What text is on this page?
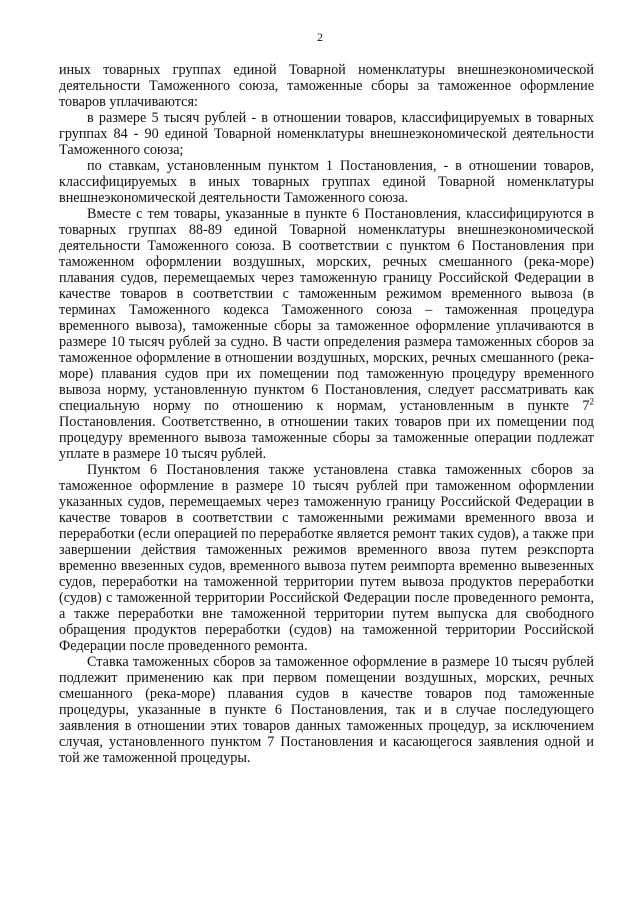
2

иных товарных группах единой Товарной номенклатуры внешнеэкономической деятельности Таможенного союза, таможенные сборы за таможенное оформление товаров уплачиваются:

в размере 5 тысяч рублей - в отношении товаров, классифицируемых в товарных группах 84 - 90 единой Товарной номенклатуры внешнеэкономической деятельности Таможенного союза;

по ставкам, установленным пунктом 1 Постановления, - в отношении товаров, классифицируемых в иных товарных группах единой Товарной номенклатуры внешнеэкономической деятельности Таможенного союза.

Вместе с тем товары, указанные в пункте 6 Постановления, классифицируются в товарных группах 88-89 единой Товарной номенклатуры внешнеэкономической деятельности Таможенного союза. В соответствии с пунктом 6 Постановления при таможенном оформлении воздушных, морских, речных смешанного (река-море) плавания судов, перемещаемых через таможенную границу Российской Федерации в качестве товаров в соответствии с таможенным режимом временного вывоза (в терминах Таможенного кодекса Таможенного союза – таможенная процедура временного вывоза), таможенные сборы за таможенное оформление уплачиваются в размере 10 тысяч рублей за судно. В части определения размера таможенных сборов за таможенное оформление в отношении воздушных, морских, речных смешанного (река-море) плавания судов при их помещении под таможенную процедуру временного вывоза норму, установленную пунктом 6 Постановления, следует рассматривать как специальную норму по отношению к нормам, установленным в пункте $7^2$ Постановления. Соответственно, в отношении таких товаров при их помещении под процедуру временного вывоза таможенные сборы за таможенные операции подлежат уплате в размере 10 тысяч рублей.

Пунктом 6 Постановления также установлена ставка таможенных сборов за таможенное оформление в размере 10 тысяч рублей при таможенном оформлении указанных судов, перемещаемых через таможенную границу Российской Федерации в качестве товаров в соответствии с таможенными режимами временного ввоза и переработки (если операцией по переработке является ремонт таких судов), а также при завершении действия таможенных режимов временного ввоза путем реэкспорта временно ввезенных судов, временного вывоза путем реимпорта временно вывезенных судов, переработки на таможенной территории путем вывоза продуктов переработки (судов) с таможенной территории Российской Федерации после проведенного ремонта, а также переработки вне таможенной территории путем выпуска для свободного обращения продуктов переработки (судов) на таможенной территории Российской Федерации после проведенного ремонта.

Ставка таможенных сборов за таможенное оформление в размере 10 тысяч рублей подлежит применению как при первом помещении воздушных, морских, речных смешанного (река-море) плавания судов в качестве товаров под таможенные процедуры, указанные в пункте 6 Постановления, так и в случае последующего заявления в отношении этих товаров данных таможенных процедур, за исключением случая, установленного пунктом 7 Постановления и касающегося заявления одной и той же таможенной процедуры.
